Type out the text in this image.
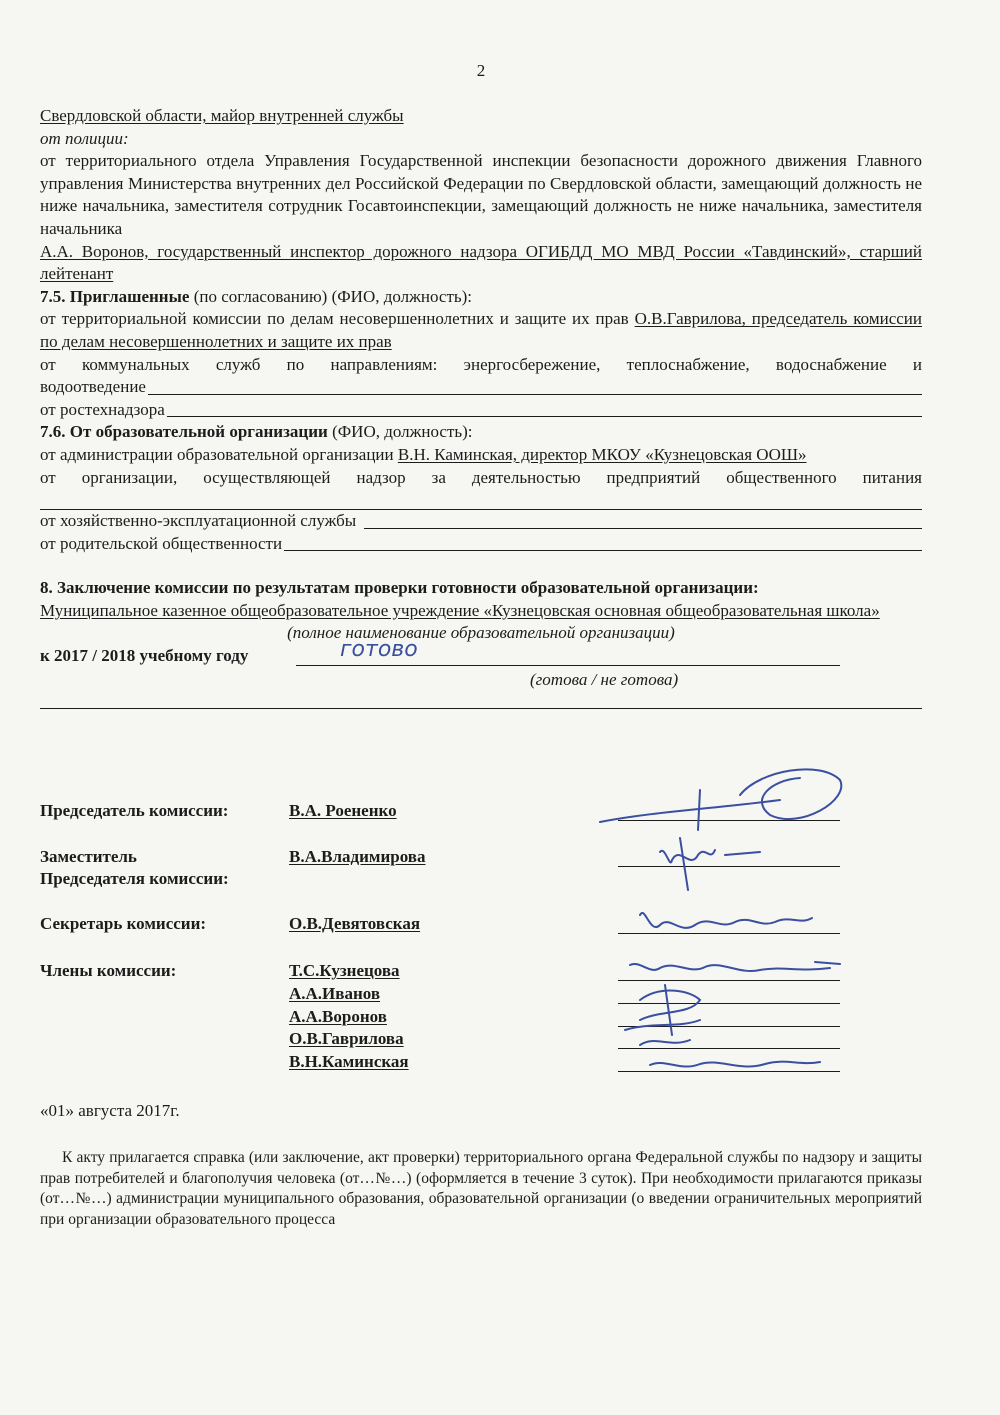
2

Свердловской области, майор внутренней службы

от полиции:

от территориального отдела Управления Государственной инспекции безопасности дорожного движения Главного управления Министерства внутренних дел Российской Федерации по Свердловской области, замещающий должность не ниже начальника, заместителя сотрудник Госавтоинспекции, замещающий должность не ниже начальника, заместителя начальника

А.А. Воронов, государственный инспектор дорожного надзора ОГИБДД МО МВД России «Тавдинский», старший лейтенант

7.5. Приглашенные (по согласованию) (ФИО, должность):

от территориальной комиссии по делам несовершеннолетних и защите их прав О.В.Гаврилова, председатель комиссии по делам несовершеннолетних и защите их прав

от коммунальных служб по направлениям: энергосбережение, теплоснабжение, водоснабжение и

водоотведение
от ростехнадзора

7.6. От образовательной организации (ФИО, должность):

от администрации образовательной организации В.Н. Каминская, директор МКОУ «Кузнецовская ООШ»

от организации, осуществляющей надзор за деятельностью предприятий общественного питания

от хозяйственно-эксплуатационной службы
от родительской общественности

8. Заключение комиссии по результатам проверки готовности образовательной организации:

Муниципальное казенное общеобразовательное учреждение «Кузнецовская основная общеобразовательная школа»

(полное наименование образовательной организации)

к 2017 / 2018 учебному году	готово

(готова / не готова)

Председатель комиссии:	В.А. Роененко
Заместитель	В.А.Владимирова
Председателя комиссии:
Секретарь комиссии:	О.В.Девятовская
Члены комиссии:	Т.С.Кузнецова
А.А.Иванов
А.А.Воронов
О.В.Гаврилова
В.Н.Каминская

«01» августа 2017г.

К акту прилагается справка (или заключение, акт проверки) территориального органа Федеральной службы по надзору и защиты прав потребителей и благополучия человека (от…№…) (оформляется в течение 3 суток). При необходимости прилагаются приказы (от…№…) администрации муниципального образования, образовательной организации (о введении ограничительных мероприятий при организации образовательного процесса
